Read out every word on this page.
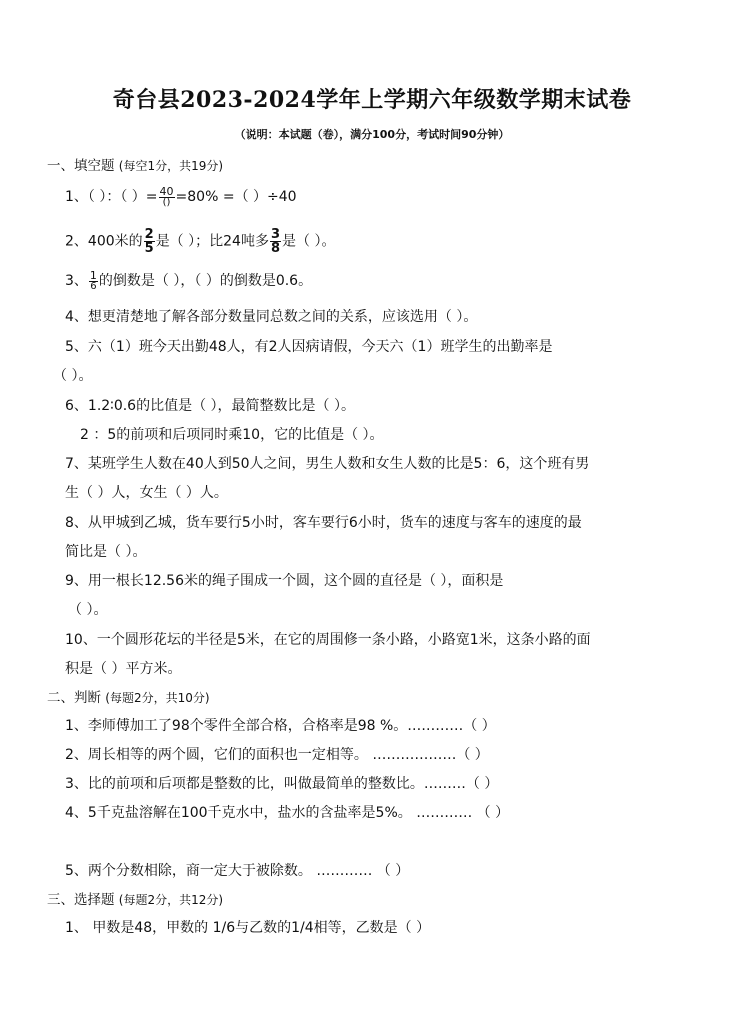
奇台县2023-2024学年上学期六年级数学期末试卷
（说明：本试题（卷），满分100分，考试时间90分钟）
一、填空题 (每空1分，共19分)
1、（ ）：（ ）= $\frac{40}{()} =80\%$ =（ ）÷40
2、400米的 $\frac{2}{5}$ 是（ ）；比24吨多 $\frac{3}{8}$ 是（ ）。
3、 $\frac{1}{6}$ 的倒数是（ ），（ ）的倒数是0.6。
4、想更清楚地了解各部分数量同总数之间的关系，应该选用（ ）。
5、六（1）班今天出勤48人，有2人因病请假，今天六（1）班学生的出勤率是
（ ）。
6、1.2∶0.6的比值是（ ），最简整数比是（ ）。
2 ：5的前项和后项同时乘10，它的比值是（ ）。
7、某班学生人数在40人到50人之间，男生人数和女生人数的比是5：6，这个班有男
生（ ）人，女生（ ）人。
8、从甲城到乙城，货车要行5小时，客车要行6小时，货车的速度与客车的速度的最
简比是（ ）。
9、用一根长12.56米的绳子围成一个圆，这个圆的直径是（ ），面积是
（ ）。
10、一个圆形花坛的半径是5米，在它的周围修一条小路，小路宽1米，这条小路的面
积是（ ）平方米。
二、判断 (每题2分，共10分)
1、李师傅加工了98个零件全部合格，合格率是98 %。…………（ ）
2、周长相等的两个圆，它们的面积也一定相等。 ………………（ ）
3、比的前项和后项都是整数的比，叫做最简单的整数比。………（ ）
4、5千克盐溶解在100千克水中，盐水的含盐率是5%。 ………… （ ）
5、两个分数相除，商一定大于被除数。 ………… （ ）
三、选择题 (每题2分，共12分)
1、 甲数是48，甲数的 1/6与乙数的1/4相等，乙数是（ ）
